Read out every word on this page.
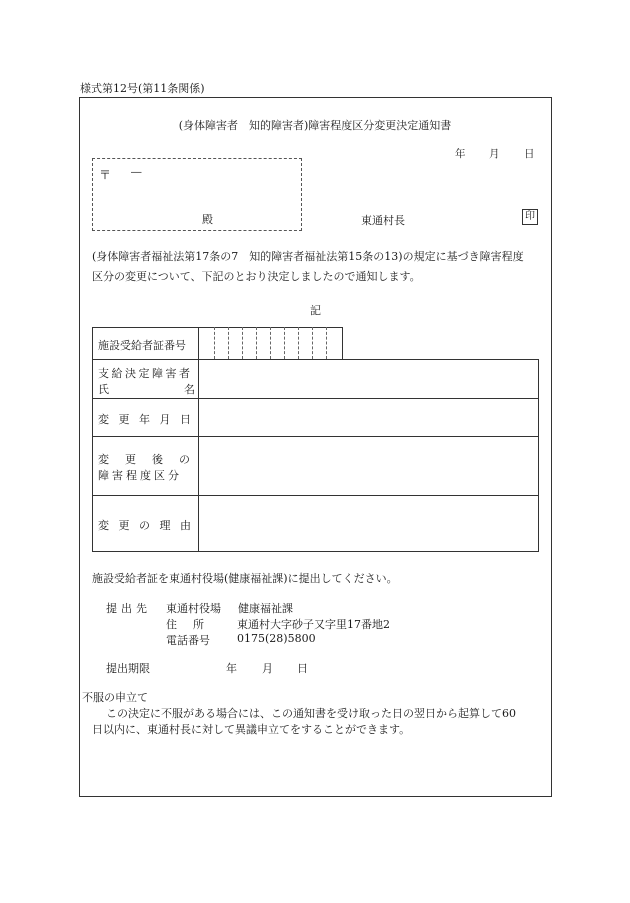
様式第12号(第11条関係)
(身体障害者　知的障害者)障害程度区分変更決定通知書
年 月 日
〒 ―
殿	東通村長	印
(身体障害者福祉法第17条の7　知的障害者福祉法第15条の13)の規定に基づき障害程度
区分の変更について、下記のとおり決定しましたので通知します。
記
施設受給者証番号
支給決定障害者
氏	名
変更年月日
変更後の
障害程度区分
変更の理由
施設受給者証を東通村役場(健康福祉課)に提出してください。
提出先 東通村役場 健康福祉課
住所 東通村大字砂子又字里17番地2
電話番号 0175(28)5800
提出期限	年 月 日
不服の申立て
この決定に不服がある場合には、この通知書を受け取った日の翌日から起算して60
日以内に、東通村長に対して異議申立てをすることができます。
